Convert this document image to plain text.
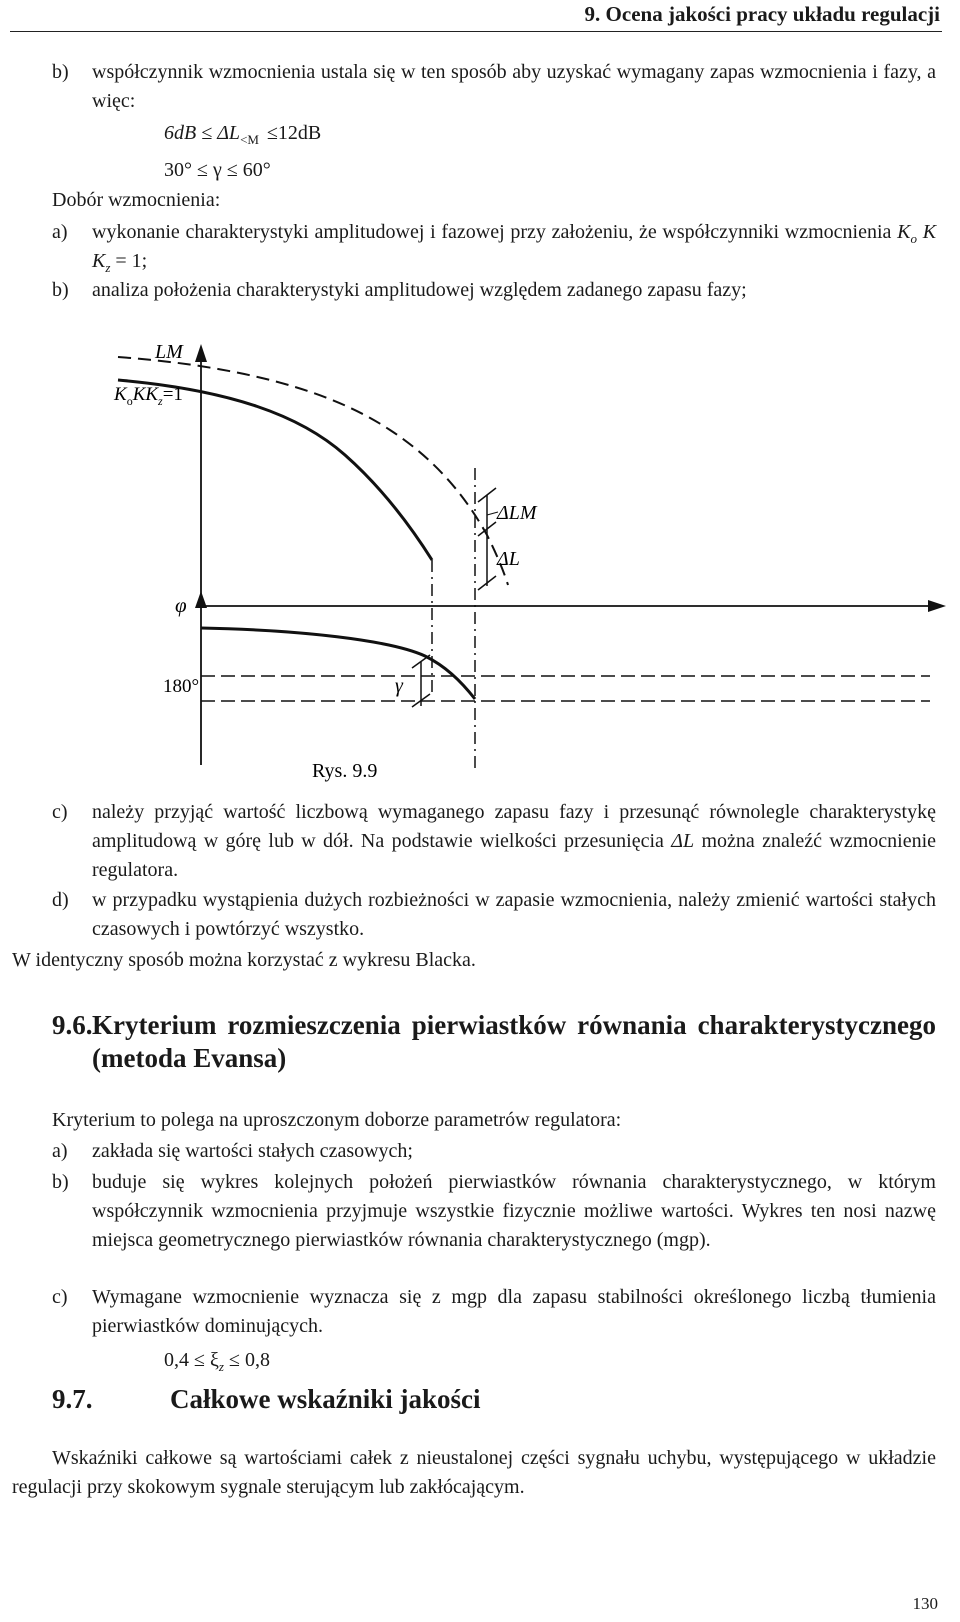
9. Ocena jakości pracy układu regulacji
b) współczynnik wzmocnienia ustala się w ten sposób aby uzyskać wymagany zapas wzmocnienia i fazy, a więc:
$6dB \le \Delta L_{<M} \le 12dB$
30° ≤ γ ≤ 60°
Dobór wzmocnienia:
a) wykonanie charakterystyki amplitudowej i fazowej przy założeniu, że współczynniki wzmocnienia $K_o$ K $K_z = 1$;
b) analiza położenia charakterystyki amplitudowej względem zadanego zapasu fazy;
LM
$K_oKK_z=1$
ΔLM
ΔL
φ
180°	γ
Rys. 9.9
c) należy przyjąć wartość liczbową wymaganego zapasu fazy i przesunąć równolegle charakterystykę amplitudową w górę lub w dół. Na podstawie wielkości przesunięcia ΔL można znaleźć wzmocnienie regulatora.
d) w przypadku wystąpienia dużych rozbieżności w zapasie wzmocnienia, należy zmienić wartości stałych czasowych i powtórzyć wszystko.
W identyczny sposób można korzystać z wykresu Blacka.
9.6. Kryterium rozmieszczenia pierwiastków równania charakterystycznego (metoda Evansa)
Kryterium to polega na uproszczonym doborze parametrów regulatora:
a) zakłada się wartości stałych czasowych;
b) buduje się wykres kolejnych położeń pierwiastków równania charakterystycznego, w którym współczynnik wzmocnienia przyjmuje wszystkie fizycznie możliwe wartości. Wykres ten nosi nazwę miejsca geometrycznego pierwiastków równania charakterystycznego (mgp).
c) Wymagane wzmocnienie wyznacza się z mgp dla zapasu stabilności określonego liczbą tłumienia pierwiastków dominujących.
$0,4 \le \xi_z \le 0,8$
9.7.	Całkowe wskaźniki jakości
Wskaźniki całkowe są wartościami całek z nieustalonej części sygnału uchybu, występującego w układzie regulacji przy skokowym sygnale sterującym lub zakłócającym.
130
